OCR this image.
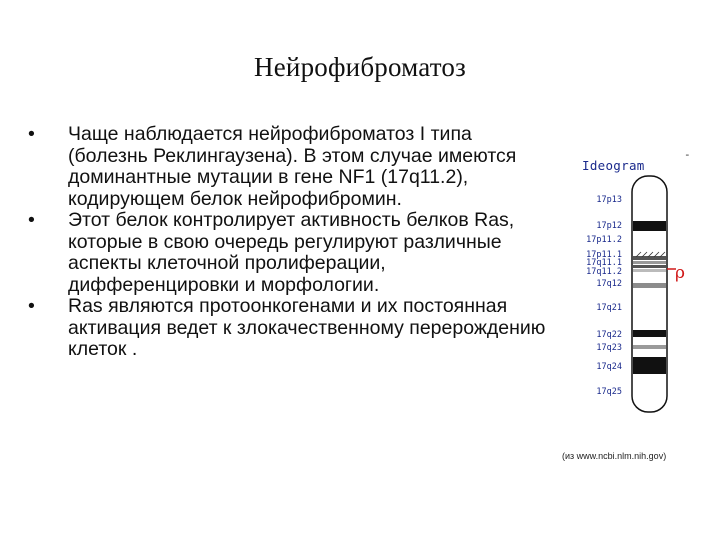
Нейрофиброматоз
•	Чаще наблюдается нейрофиброматоз I типа (болезнь Реклингаузена). В этом случае имеются доминантные мутации в гене NF1 (17q11.2), кодирующем белок нейрофибромин.
•	Этот белок контролирует активность белков Ras, которые в свою очередь регулируют различные аспекты клеточной пролиферации, дифференцировки и морфологии.
•	Ras являются протоонкогенами и их постоянная активация ведет к злокачественному перерождению клеток .
Ideogram
-
ρ
17p13
17p12
17p11.2
17p11.1
17q11.1
17q11.2
17q12
17q21
17q22
17q23
17q24
17q25
(из www.ncbi.nlm.nih.gov)
